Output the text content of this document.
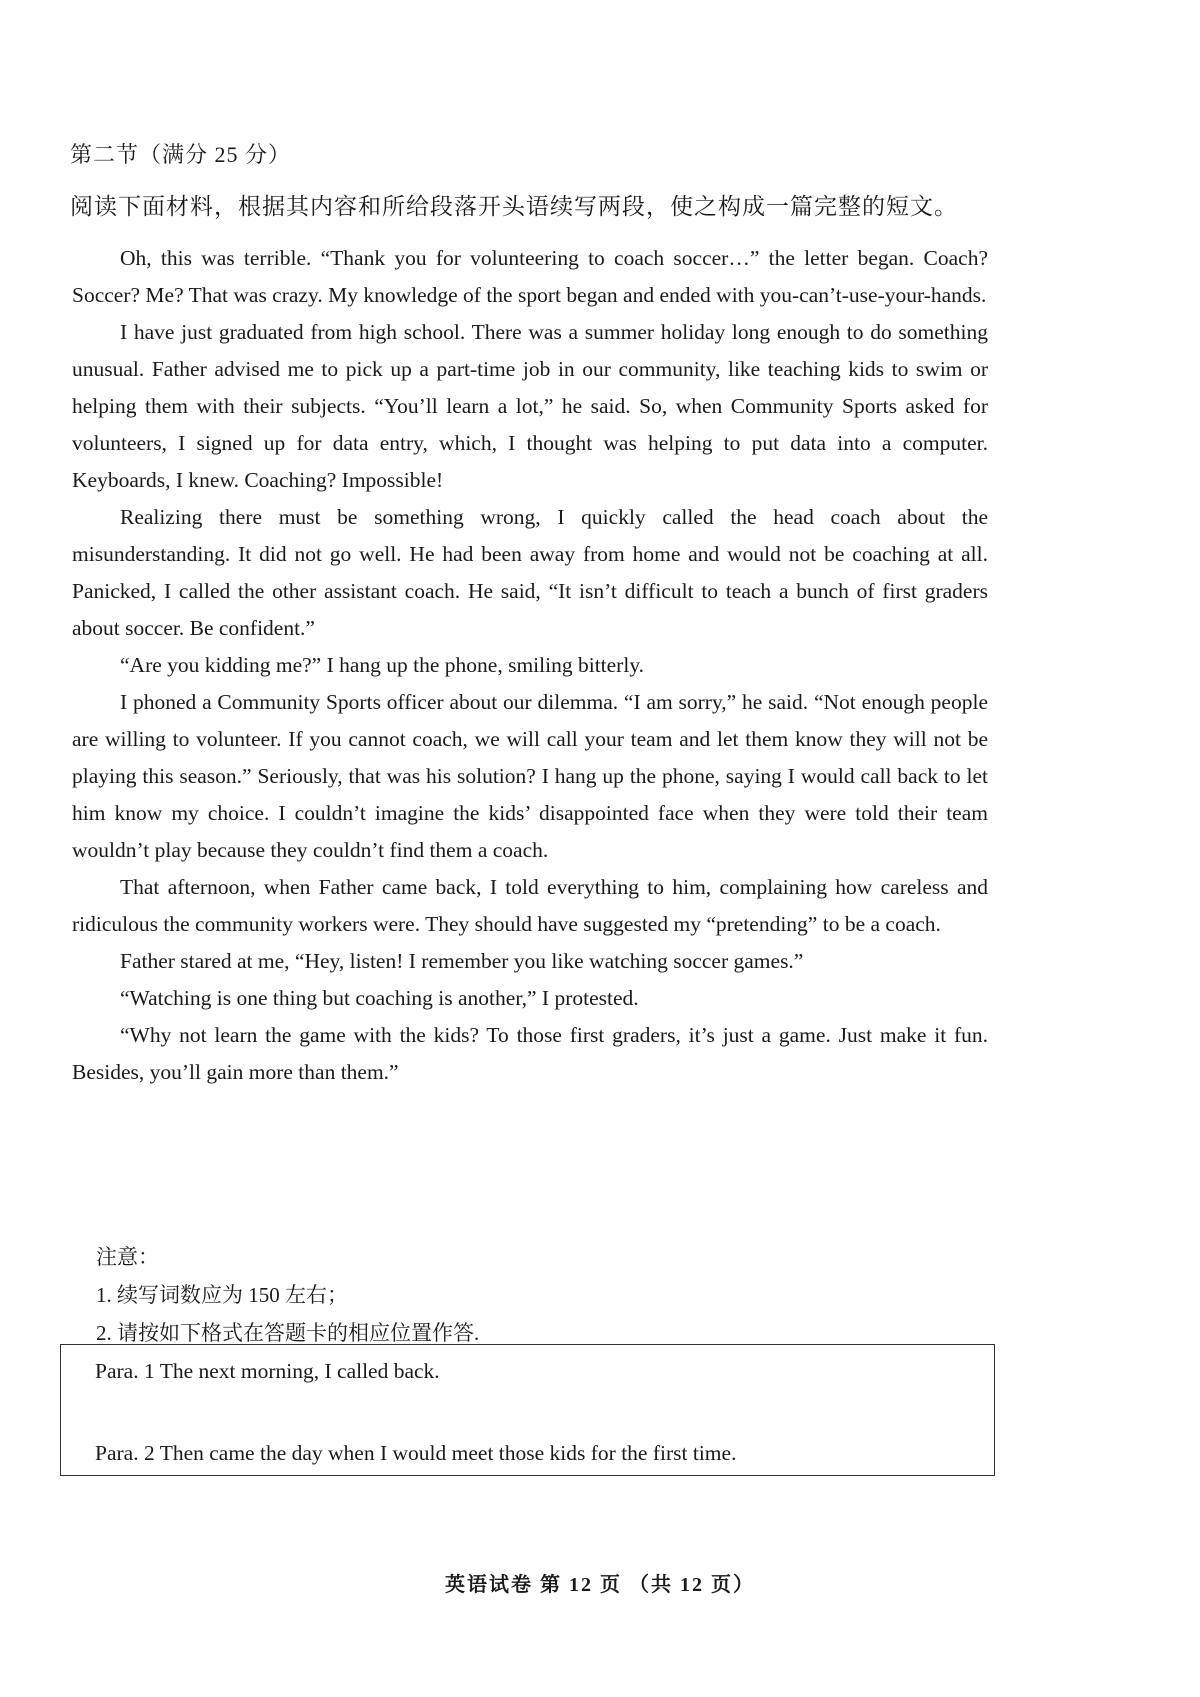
第二节（满分 25 分）
阅读下面材料，根据其内容和所给段落开头语续写两段，使之构成一篇完整的短文。

Oh, this was terrible. “Thank you for volunteering to coach soccer…” the letter began. Coach? Soccer? Me? That was crazy. My knowledge of the sport began and ended with you-can’t-use-your-hands.

I have just graduated from high school. There was a summer holiday long enough to do something unusual. Father advised me to pick up a part-time job in our community, like teaching kids to swim or helping them with their subjects. “You’ll learn a lot,” he said. So, when Community Sports asked for volunteers, I signed up for data entry, which, I thought was helping to put data into a computer. Keyboards, I knew. Coaching? Impossible!

Realizing there must be something wrong, I quickly called the head coach about the misunderstanding. It did not go well. He had been away from home and would not be coaching at all. Panicked, I called the other assistant coach. He said, “It isn’t difficult to teach a bunch of first graders about soccer. Be confident.”

“Are you kidding me?” I hang up the phone, smiling bitterly.

I phoned a Community Sports officer about our dilemma. “I am sorry,” he said. “Not enough people are willing to volunteer. If you cannot coach, we will call your team and let them know they will not be playing this season.” Seriously, that was his solution? I hang up the phone, saying I would call back to let him know my choice. I couldn’t imagine the kids’ disappointed face when they were told their team wouldn’t play because they couldn’t find them a coach.

That afternoon, when Father came back, I told everything to him, complaining how careless and ridiculous the community workers were. They should have suggested my “pretending” to be a coach.

Father stared at me, “Hey, listen! I remember you like watching soccer games.”

“Watching is one thing but coaching is another,” I protested.

“Why not learn the game with the kids? To those first graders, it’s just a game. Just make it fun. Besides, you’ll gain more than them.”

注意：
1. 续写词数应为 150 左右；
2. 请按如下格式在答题卡的相应位置作答.
Para. 1 The next morning, I called back.
Para. 2 Then came the day when I would meet those kids for the first time.
英语试卷 第 12 页 （共 12 页）
